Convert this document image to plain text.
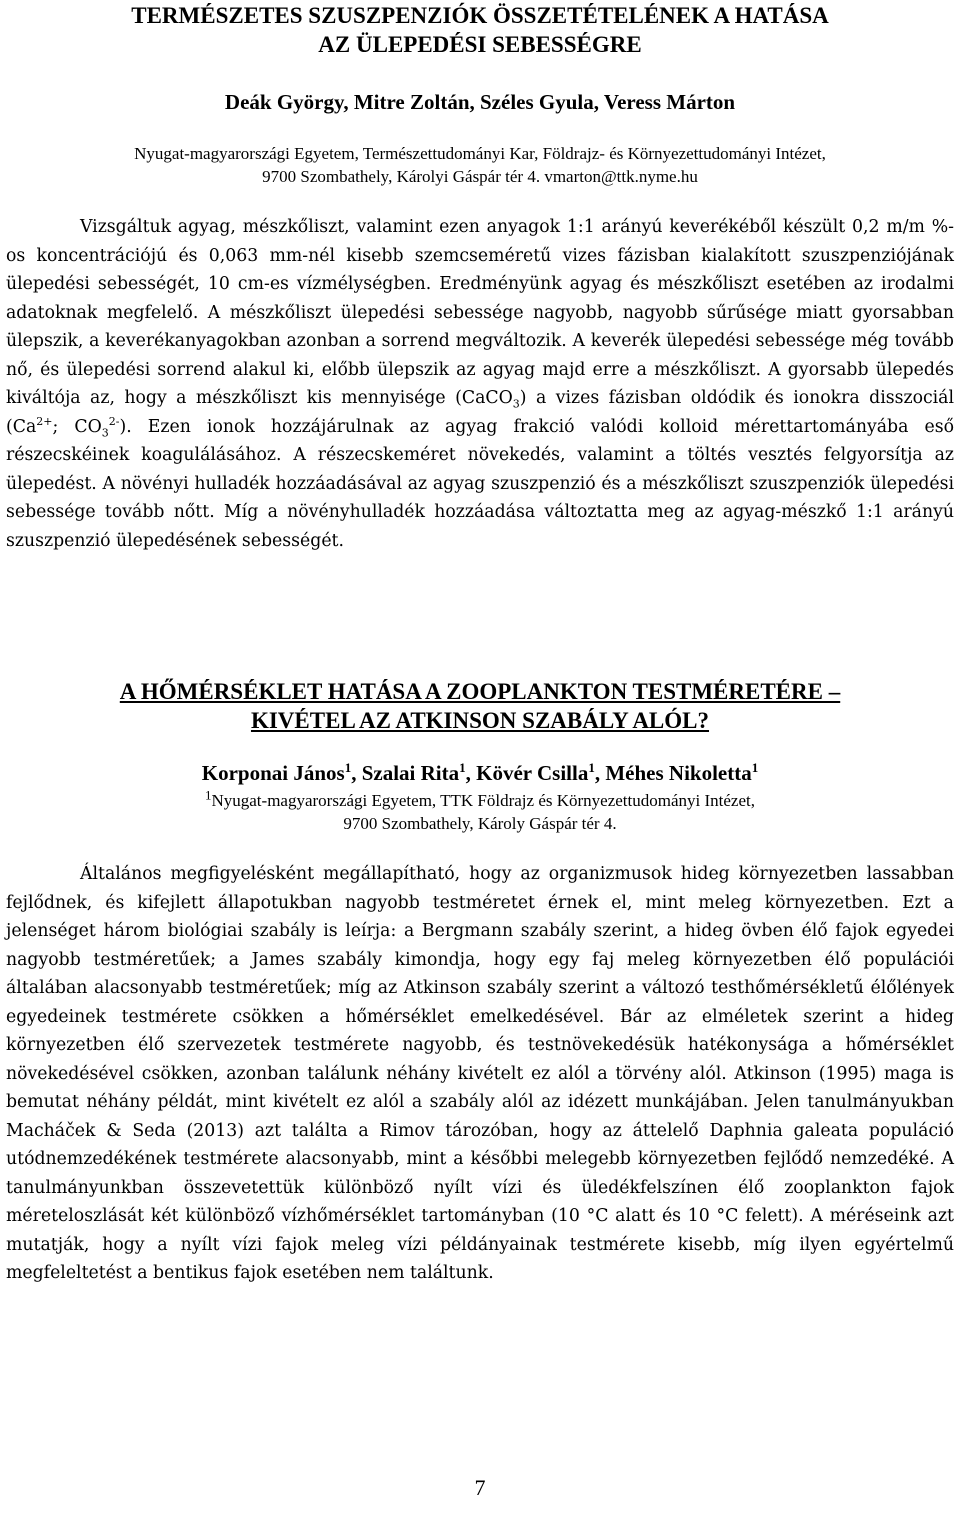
TERMÉSZETES SZUSZPENZIÓK ÖSSZETÉTELÉNEK A HATÁSA
AZ ÜLEPEDÉSI SEBESSÉGRE

Deák György, Mitre Zoltán, Széles Gyula, Veress Márton

Nyugat-magyarországi Egyetem, Természettudományi Kar, Földrajz- és Környezettudományi Intézet,

9700 Szombathely, Károlyi Gáspár tér 4. vmarton@ttk.nyme.hu

Vizsgáltuk agyag, mészkőliszt, valamint ezen anyagok 1:1 arányú keverékéből készült 0,2 m/m %-os koncentrációjú és 0,063 mm-nél kisebb szemcseméretű vizes fázisban kialakított szuszpenziójának ülepedési sebességét, 10 cm-es vízmélységben. Eredményünk agyag és mészkőliszt esetében az irodalmi adatoknak megfelelő. A mészkőliszt ülepedési sebessége nagyobb, nagyobb sűrűsége miatt gyorsabban ülepszik, a keverékanyagokban azonban a sorrend megváltozik. A keverék ülepedési sebessége még tovább nő, és ülepedési sorrend alakul ki, előbb ülepszik az agyag majd erre a mészkőliszt. A gyorsabb ülepedés kiváltója az, hogy a mészkőliszt kis mennyisége (CaCO$_3$) a vizes fázisban oldódik és ionokra disszociál ($Ca^{2+}$; $CO_3^{2-}$). Ezen ionok hozzájárulnak az agyag frakció valódi kolloid mérettartományába eső részecskéinek koagulálásához. A részecskeméret növekedés, valamint a töltés vesztés felgyorsítja az ülepedést. A növényi hulladék hozzáadásával az agyag szuszpenzió és a mészkőliszt szuszpenziók ülepedési sebessége tovább nőtt. Míg a növényhulladék hozzáadása változtatta meg az agyag-mészkő 1:1 arányú szuszpenzió ülepedésének sebességét.

A HŐMÉRSÉKLET HATÁSA A ZOOPLANKTON TESTMÉRETÉRE –
KIVÉTEL AZ ATKINSON SZABÁLY ALÓL?

Korponai János$^1$, Szalai Rita$^1$, Kövér Csilla$^1$, Méhes Nikoletta$^1$

$^1$Nyugat-magyarországi Egyetem, TTK Földrajz és Környezettudományi Intézet,

9700 Szombathely, Károly Gáspár tér 4.

Általános megfigyelésként megállapítható, hogy az organizmusok hideg környezetben lassabban fejlődnek, és kifejlett állapotukban nagyobb testméretet érnek el, mint meleg környezetben. Ezt a jelenséget három biológiai szabály is leírja: a Bergmann szabály szerint, a hideg övben élő fajok egyedei nagyobb testméretűek; a James szabály kimondja, hogy egy faj meleg környezetben élő populációi általában alacsonyabb testméretűek; míg az Atkinson szabály szerint a változó testhőmérsékletű élőlények egyedeinek testmérete csökken a hőmérséklet emelkedésével. Bár az elméletek szerint a hideg környezetben élő szervezetek testmérete nagyobb, és testnövekedésük hatékonysága a hőmérséklet növekedésével csökken, azonban találunk néhány kivételt ez alól a törvény alól. Atkinson (1995) maga is bemutat néhány példát, mint kivételt ez alól a szabály alól az idézett munkájában. Jelen tanulmányukban Macháček & Seda (2013) azt találta a Rimov tározóban, hogy az áttelelő Daphnia galeata populáció utódnemzedékének testmérete alacsonyabb, mint a későbbi melegebb környezetben fejlődő nemzedéké. A tanulmányunkban összevetettük különböző nyílt vízi és üledékfelszínen élő zooplankton fajok méreteloszlását két különböző vízhőmérséklet tartományban (10 °C alatt és 10 °C felett). A méréseink azt mutatják, hogy a nyílt vízi fajok meleg vízi példányainak testmérete kisebb, míg ilyen egyértelmű megfeleltetést a bentikus fajok esetében nem találtunk.

7
